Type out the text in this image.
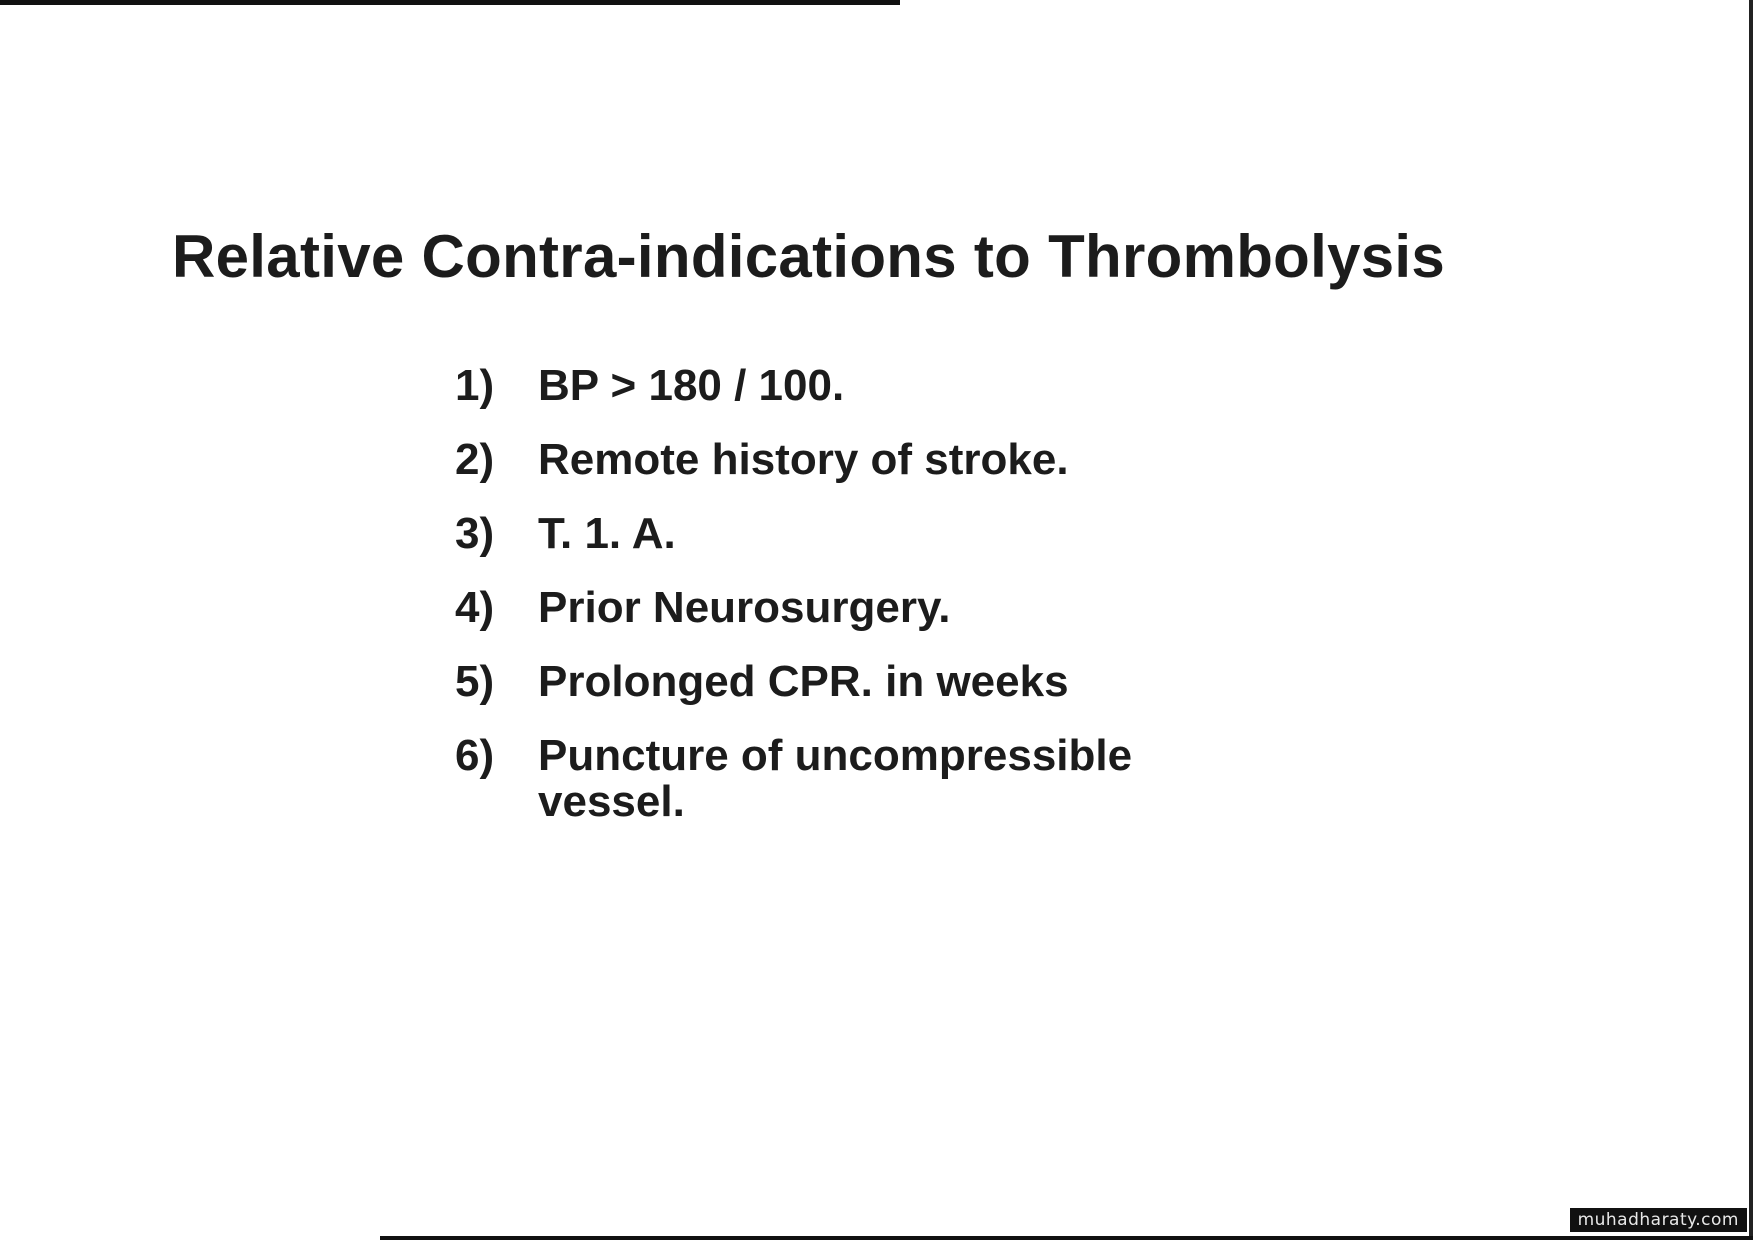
Relative Contra-indications to Thrombolysis
1) BP > 180 / 100.
2) Remote history of stroke.
3) T. 1. A.
4) Prior Neurosurgery.
5) Prolonged CPR. in weeks
6) Puncture of uncompressible vessel.
muhadharaty.com
